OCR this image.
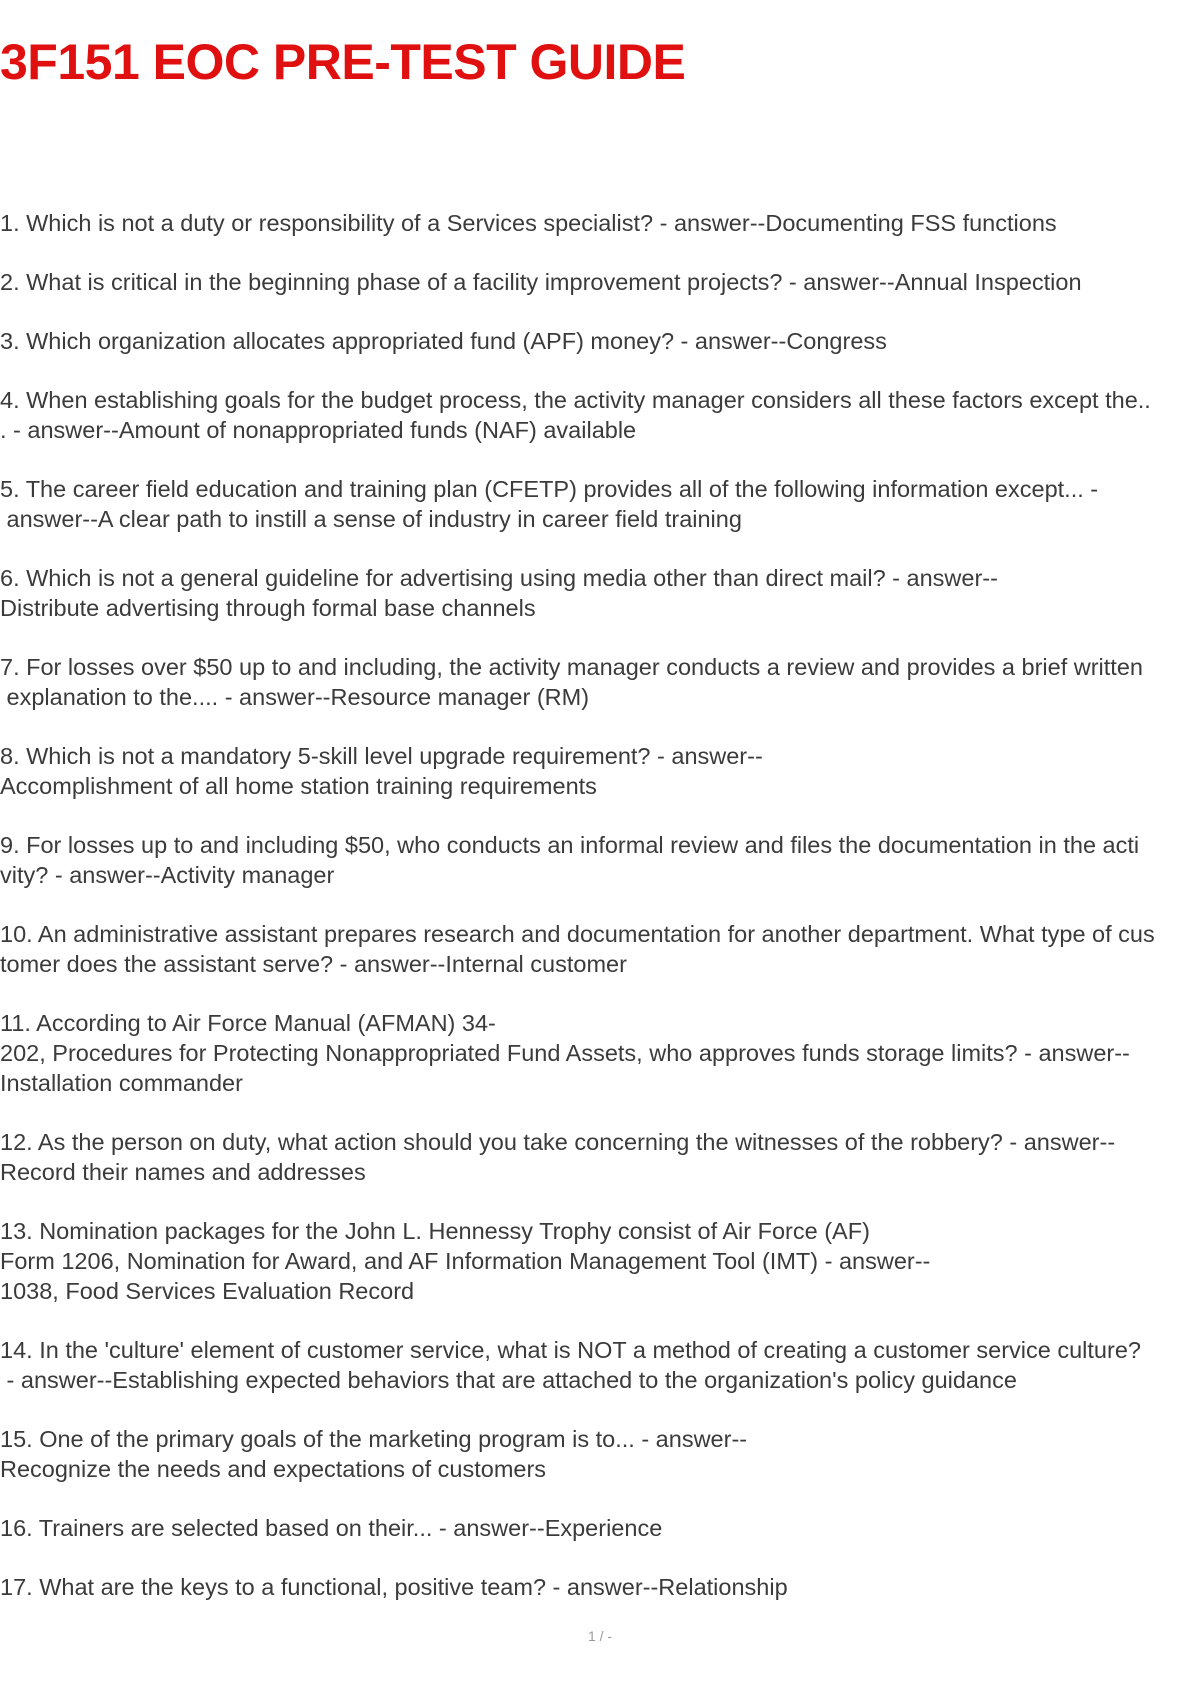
3F151 EOC PRE-TEST GUIDE
1. Which is not a duty or responsibility of a Services specialist? - answer--Documenting FSS functions
2. What is critical in the beginning phase of a facility improvement projects? - answer--Annual Inspection
3. Which organization allocates appropriated fund (APF) money? - answer--Congress
4. When establishing goals for the budget process, the activity manager considers all these factors except the..
. - answer--Amount of nonappropriated funds (NAF) available
5. The career field education and training plan (CFETP) provides all of the following information except... -
answer--A clear path to instill a sense of industry in career field training
6. Which is not a general guideline for advertising using media other than direct mail? - answer--
Distribute advertising through formal base channels
7. For losses over $50 up to and including, the activity manager conducts a review and provides a brief written
explanation to the.... - answer--Resource manager (RM)
8. Which is not a mandatory 5-skill level upgrade requirement? - answer--
Accomplishment of all home station training requirements
9. For losses up to and including $50, who conducts an informal review and files the documentation in the acti
vity? - answer--Activity manager
10. An administrative assistant prepares research and documentation for another department. What type of cus
tomer does the assistant serve? - answer--Internal customer
11. According to Air Force Manual (AFMAN) 34-
202, Procedures for Protecting Nonappropriated Fund Assets, who approves funds storage limits? - answer--
Installation commander
12. As the person on duty, what action should you take concerning the witnesses of the robbery? - answer--
Record their names and addresses
13. Nomination packages for the John L. Hennessy Trophy consist of Air Force (AF)
Form 1206, Nomination for Award, and AF Information Management Tool (IMT) - answer--
1038, Food Services Evaluation Record
14. In the 'culture' element of customer service, what is NOT a method of creating a customer service culture?
- answer--Establishing expected behaviors that are attached to the organization's policy guidance
15. One of the primary goals of the marketing program is to... - answer--
Recognize the needs and expectations of customers
16. Trainers are selected based on their... - answer--Experience
17. What are the keys to a functional, positive team? - answer--Relationship
1 / -
